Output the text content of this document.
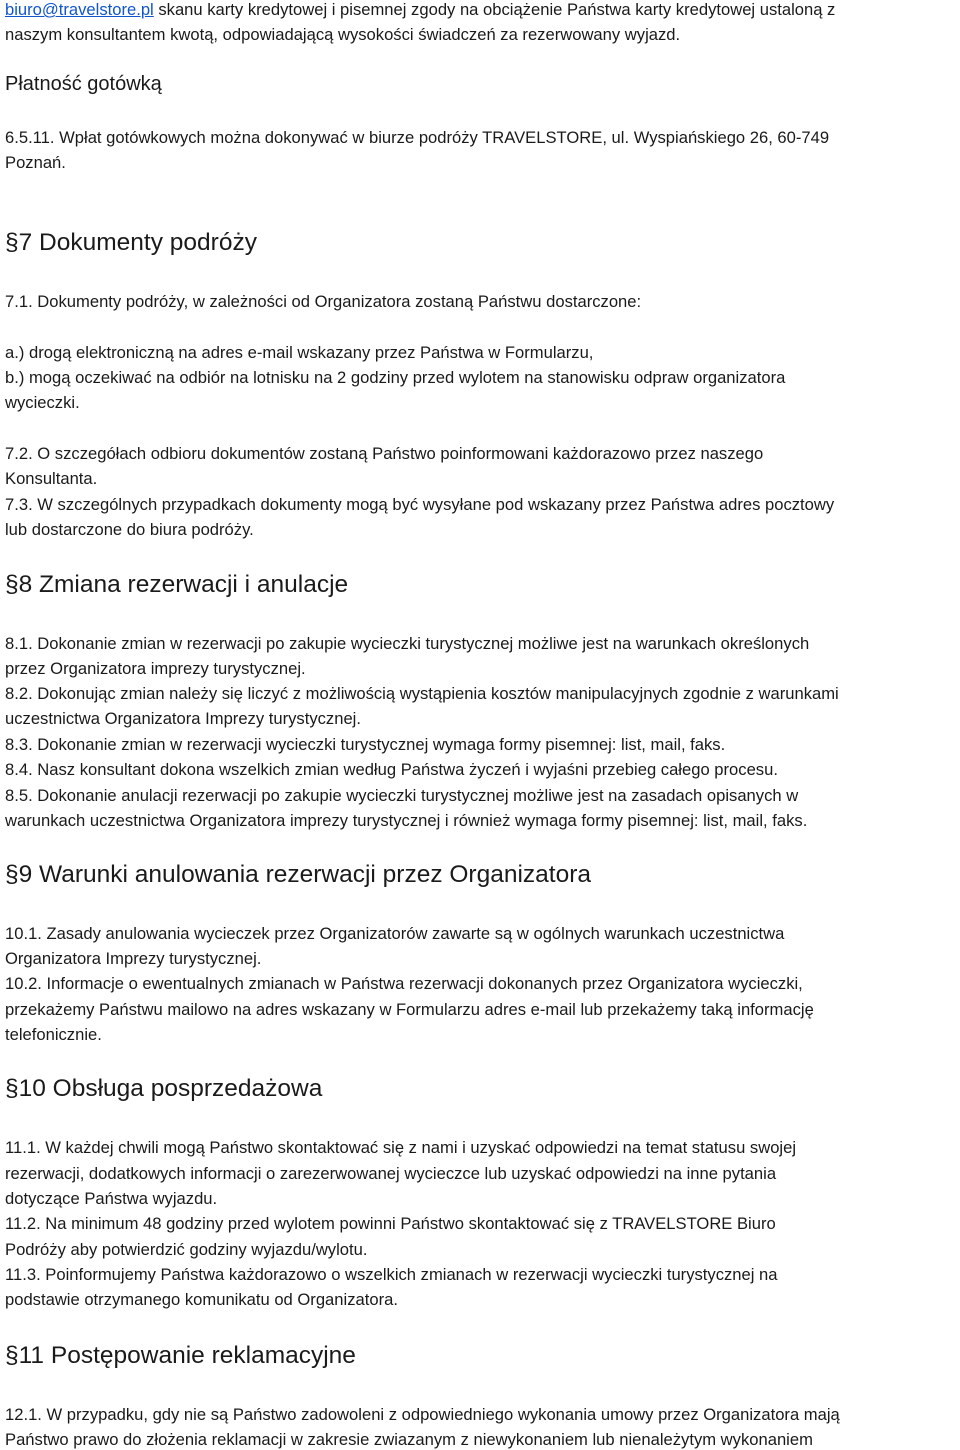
biuro@travelstore.pl skanu karty kredytowej i pisemnej zgody na obciążenie Państwa karty kredytowej ustaloną z
naszym konsultantem kwotą, odpowiadającą wysokości świadczeń za rezerwowany wyjazd.
Płatność gotówką
6.5.11. Wpłat gotówkowych można dokonywać w biurze podróży TRAVELSTORE, ul. Wyspiańskiego 26, 60-749
Poznań.
§7 Dokumenty podróży
7.1. Dokumenty podróży, w zależności od Organizatora zostaną Państwu dostarczone:
a.) drogą elektroniczną na adres e-mail wskazany przez Państwa w Formularzu,
b.) mogą oczekiwać na odbiór na lotnisku na 2 godziny przed wylotem na stanowisku odpraw organizatora
wycieczki.
7.2. O szczegółach odbioru dokumentów zostaną Państwo poinformowani każdorazowo przez naszego
Konsultanta.
7.3. W szczególnych przypadkach dokumenty mogą być wysyłane pod wskazany przez Państwa adres pocztowy
lub dostarczone do biura podróży.
§8 Zmiana rezerwacji i anulacje
8.1. Dokonanie zmian w rezerwacji po zakupie wycieczki turystycznej możliwe jest na warunkach określonych
przez Organizatora imprezy turystycznej.
8.2. Dokonując zmian należy się liczyć z możliwością wystąpienia kosztów manipulacyjnych zgodnie z warunkami
uczestnictwa Organizatora Imprezy turystycznej.
8.3. Dokonanie zmian w rezerwacji wycieczki turystycznej wymaga formy pisemnej: list, mail, faks.
8.4. Nasz konsultant dokona wszelkich zmian według Państwa życzeń i wyjaśni przebieg całego procesu.
8.5. Dokonanie anulacji rezerwacji po zakupie wycieczki turystycznej możliwe jest na zasadach opisanych w
warunkach uczestnictwa Organizatora imprezy turystycznej i również wymaga formy pisemnej: list, mail, faks.
§9 Warunki anulowania rezerwacji przez Organizatora
10.1. Zasady anulowania wycieczek przez Organizatorów zawarte są w ogólnych warunkach uczestnictwa
Organizatora Imprezy turystycznej.
10.2. Informacje o ewentualnych zmianach w Państwa rezerwacji dokonanych przez Organizatora wycieczki,
przekażemy Państwu mailowo na adres wskazany w Formularzu adres e-mail lub przekażemy taką informację
telefonicznie.
§10 Obsługa posprzedażowa
11.1. W każdej chwili mogą Państwo skontaktować się z nami i uzyskać odpowiedzi na temat statusu swojej
rezerwacji, dodatkowych informacji o zarezerwowanej wycieczce lub uzyskać odpowiedzi na inne pytania
dotyczące Państwa wyjazdu.
11.2. Na minimum 48 godziny przed wylotem powinni Państwo skontaktować się z TRAVELSTORE Biuro
Podróży aby potwierdzić godziny wyjazdu/wylotu.
11.3. Poinformujemy Państwa każdorazowo o wszelkich zmianach w rezerwacji wycieczki turystycznej na
podstawie otrzymanego komunikatu od Organizatora.
§11 Postępowanie reklamacyjne
12.1. W przypadku, gdy nie są Państwo zadowoleni z odpowiedniego wykonania umowy przez Organizatora mają
Państwo prawo do złożenia reklamacji w zakresie zwiazanym z niewykonaniem lub nienależytym wykonaniem
